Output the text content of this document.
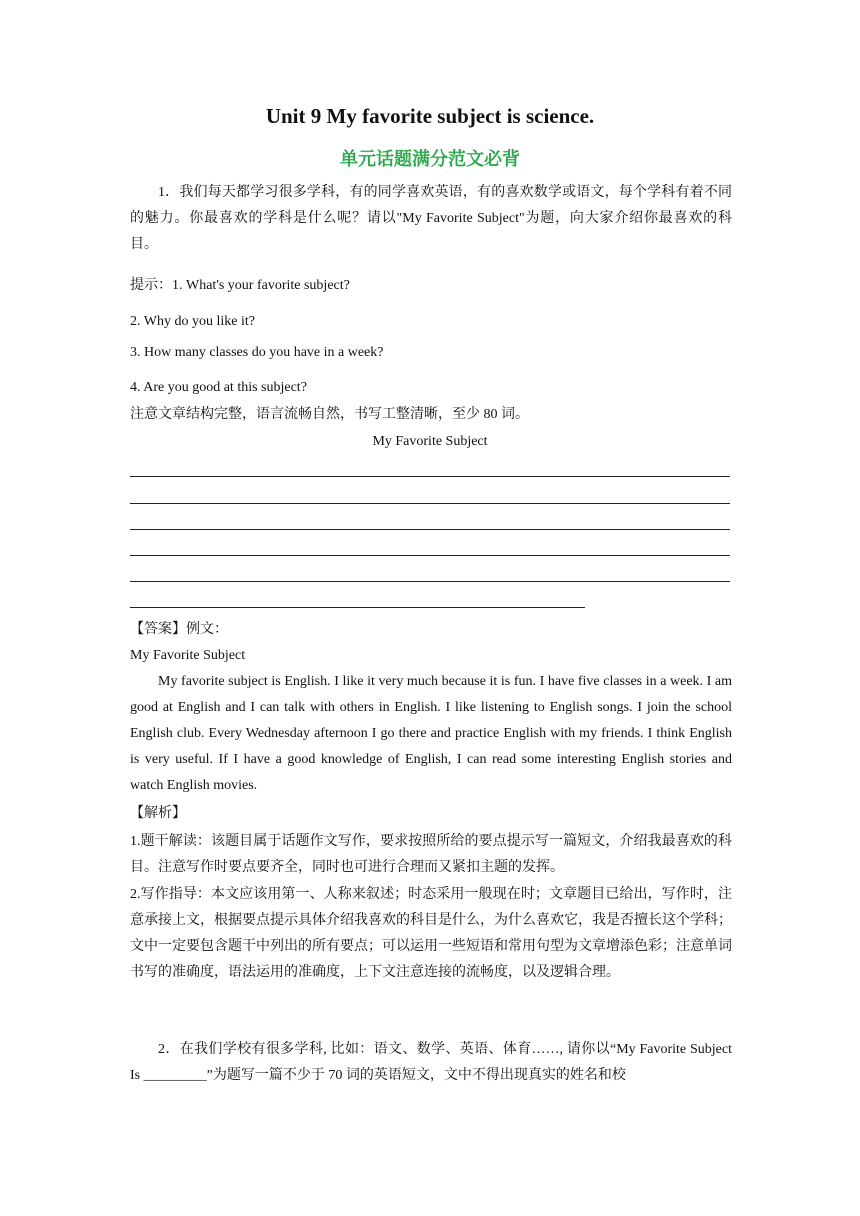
Unit 9 My favorite subject is science.
单元话题满分范文必背
1．我们每天都学习很多学科，有的同学喜欢英语，有的喜欢数学或语文，每个学科有着不同的魅力。你最喜欢的学科是什么呢？请以"My Favorite Subject"为题，向大家介绍你最喜欢的科目。
提示：1. What's your favorite subject?
2. Why do you like it?
3. How many classes do you have in a week?
4. Are you good at this subject?
注意文章结构完整，语言流畅自然，书写工整清晰，至少 80 词。
My Favorite Subject
【答案】例文：
My Favorite Subject
My favorite subject is English. I like it very much because it is fun. I have five classes in a week. I am good at English and I can talk with others in English. I like listening to English songs. I join the school English club. Every Wednesday afternoon I go there and practice English with my friends. I think English is very useful. If I have a good knowledge of English, I can read some interesting English stories and watch English movies.
【解析】
1.题干解读：该题目属于话题作文写作，要求按照所给的要点提示写一篇短文，介绍我最喜欢的科目。注意写作时要点要齐全，同时也可进行合理而又紧扣主题的发挥。
2.写作指导：本文应该用第一、人称来叙述；时态采用一般现在时；文章题目已给出，写作时，注意承接上文，根据要点提示具体介绍我喜欢的科目是什么，为什么喜欢它，我是否擅长这个学科；文中一定要包含题干中列出的所有要点；可以运用一些短语和常用句型为文章增添色彩；注意单词书写的准确度，语法运用的准确度，上下文注意连接的流畅度，以及逻辑合理。
2．在我们学校有很多学科, 比如：语文、数学、英语、体育……, 请你以“My Favorite Subject Is _________”为题写一篇不少于 70 词的英语短文，文中不得出现真实的姓名和校
